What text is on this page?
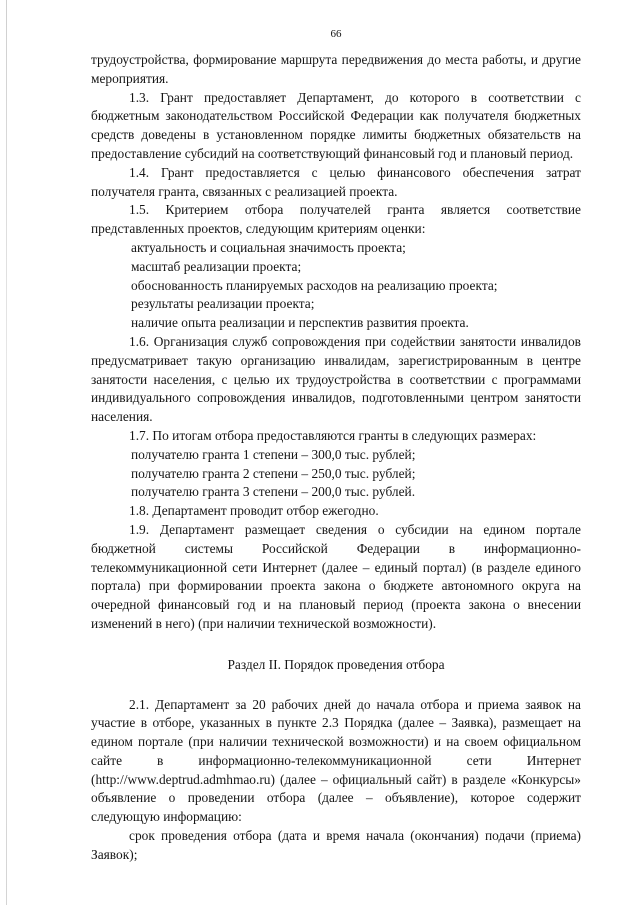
66

трудоустройства, формирование маршрута передвижения до места работы, и другие мероприятия.

1.3. Грант предоставляет Департамент, до которого в соответствии с бюджетным законодательством Российской Федерации как получателя бюджетных средств доведены в установленном порядке лимиты бюджетных обязательств на предоставление субсидий на соответствующий финансовый год и плановый период.

1.4. Грант предоставляется с целью финансового обеспечения затрат получателя гранта, связанных с реализацией проекта.

1.5. Критерием отбора получателей гранта является соответствие представленных проектов, следующим критериям оценки:

актуальность и социальная значимость проекта;

масштаб реализации проекта;

обоснованность планируемых расходов на реализацию проекта;

результаты реализации проекта;

наличие опыта реализации и перспектив развития проекта.

1.6. Организация служб сопровождения при содействии занятости инвалидов предусматривает такую организацию инвалидам, зарегистрированным в центре занятости населения, с целью их трудоустройства в соответствии с программами индивидуального сопровождения инвалидов, подготовленными центром занятости населения.

1.7. По итогам отбора предоставляются гранты в следующих размерах:

получателю гранта 1 степени – 300,0 тыс. рублей;

получателю гранта 2 степени – 250,0 тыс. рублей;

получателю гранта 3 степени – 200,0 тыс. рублей.

1.8. Департамент проводит отбор ежегодно.

1.9. Департамент размещает сведения о субсидии на едином портале бюджетной системы Российской Федерации в информационно-телекоммуникационной сети Интернет (далее – единый портал) (в разделе единого портала) при формировании проекта закона о бюджете автономного округа на очередной финансовый год и на плановый период (проекта закона о внесении изменений в него) (при наличии технической возможности).

Раздел II. Порядок проведения отбора

2.1. Департамент за 20 рабочих дней до начала отбора и приема заявок на участие в отборе, указанных в пункте 2.3 Порядка (далее – Заявка), размещает на едином портале (при наличии технической возможности) и на своем официальном сайте в информационно-телекоммуникационной сети Интернет (http://www.deptrud.admhmao.ru) (далее – официальный сайт) в разделе «Конкурсы» объявление о проведении отбора (далее – объявление), которое содержит следующую информацию:

срок проведения отбора (дата и время начала (окончания) подачи (приема) Заявок);
